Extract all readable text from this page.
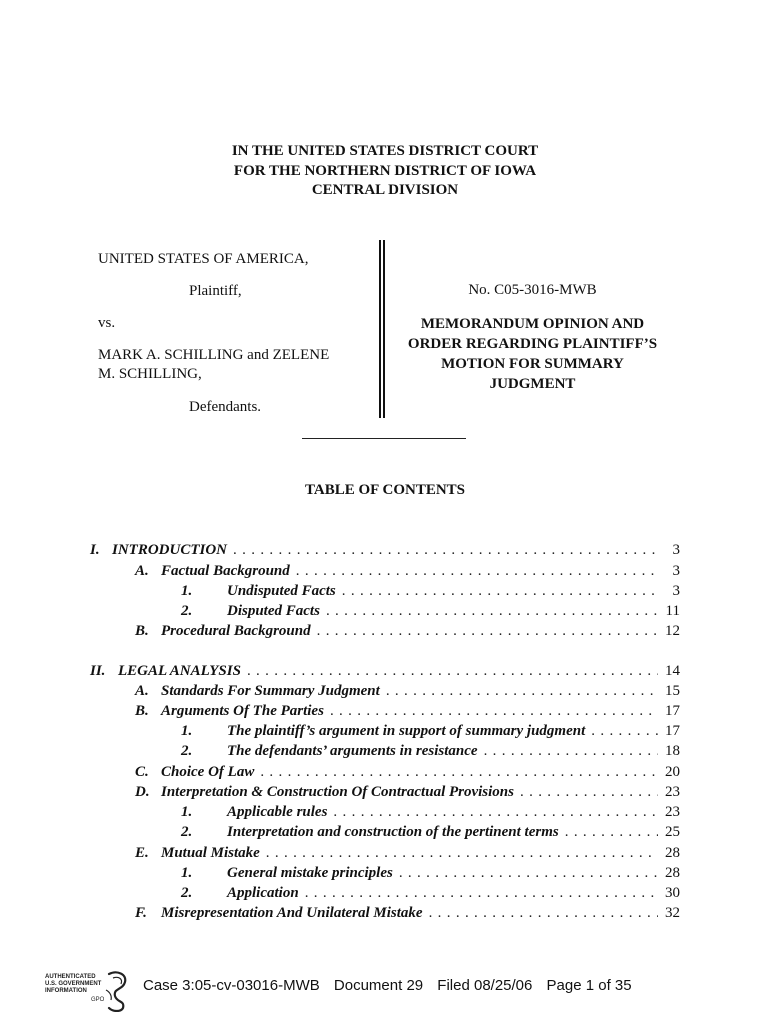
IN THE UNITED STATES DISTRICT COURT
FOR THE NORTHERN DISTRICT OF IOWA
CENTRAL DIVISION
UNITED STATES OF AMERICA,
Plaintiff,
vs.
MARK A. SCHILLING and ZELENE
M. SCHILLING,
Defendants.
No. C05-3016-MWB
MEMORANDUM OPINION AND
ORDER REGARDING PLAINTIFF’S
MOTION FOR SUMMARY
JUDGMENT
TABLE OF CONTENTS
I. INTRODUCTION . . .	3
A. Factual Background . . .	3
1.	Undisputed Facts . . .	3
2.	Disputed Facts . . .	11
B. Procedural Background . . .	12
II. LEGAL ANALYSIS . . .	14
A. Standards For Summary Judgment . . .	15
B. Arguments Of The Parties . . .	17
1.	The plaintiff’s argument in support of summary judgment . . .	17
2.	The defendants’ arguments in resistance . . .	18
C. Choice Of Law . . .	20
D. Interpretation & Construction Of Contractual Provisions . . .	23
1.	Applicable rules . . .	23
2.	Interpretation and construction of the pertinent terms . . .	25
E. Mutual Mistake . . .	28
1.	General mistake principles . . .	28
2.	Application . . .	30
F. Misrepresentation And Unilateral Mistake . . .	32
AUTHENTICATED
U.S. GOVERNMENT
INFORMATION
GPO
Case 3:05-cv-03016-MWB Document 29 Filed 08/25/06 Page 1 of 35
